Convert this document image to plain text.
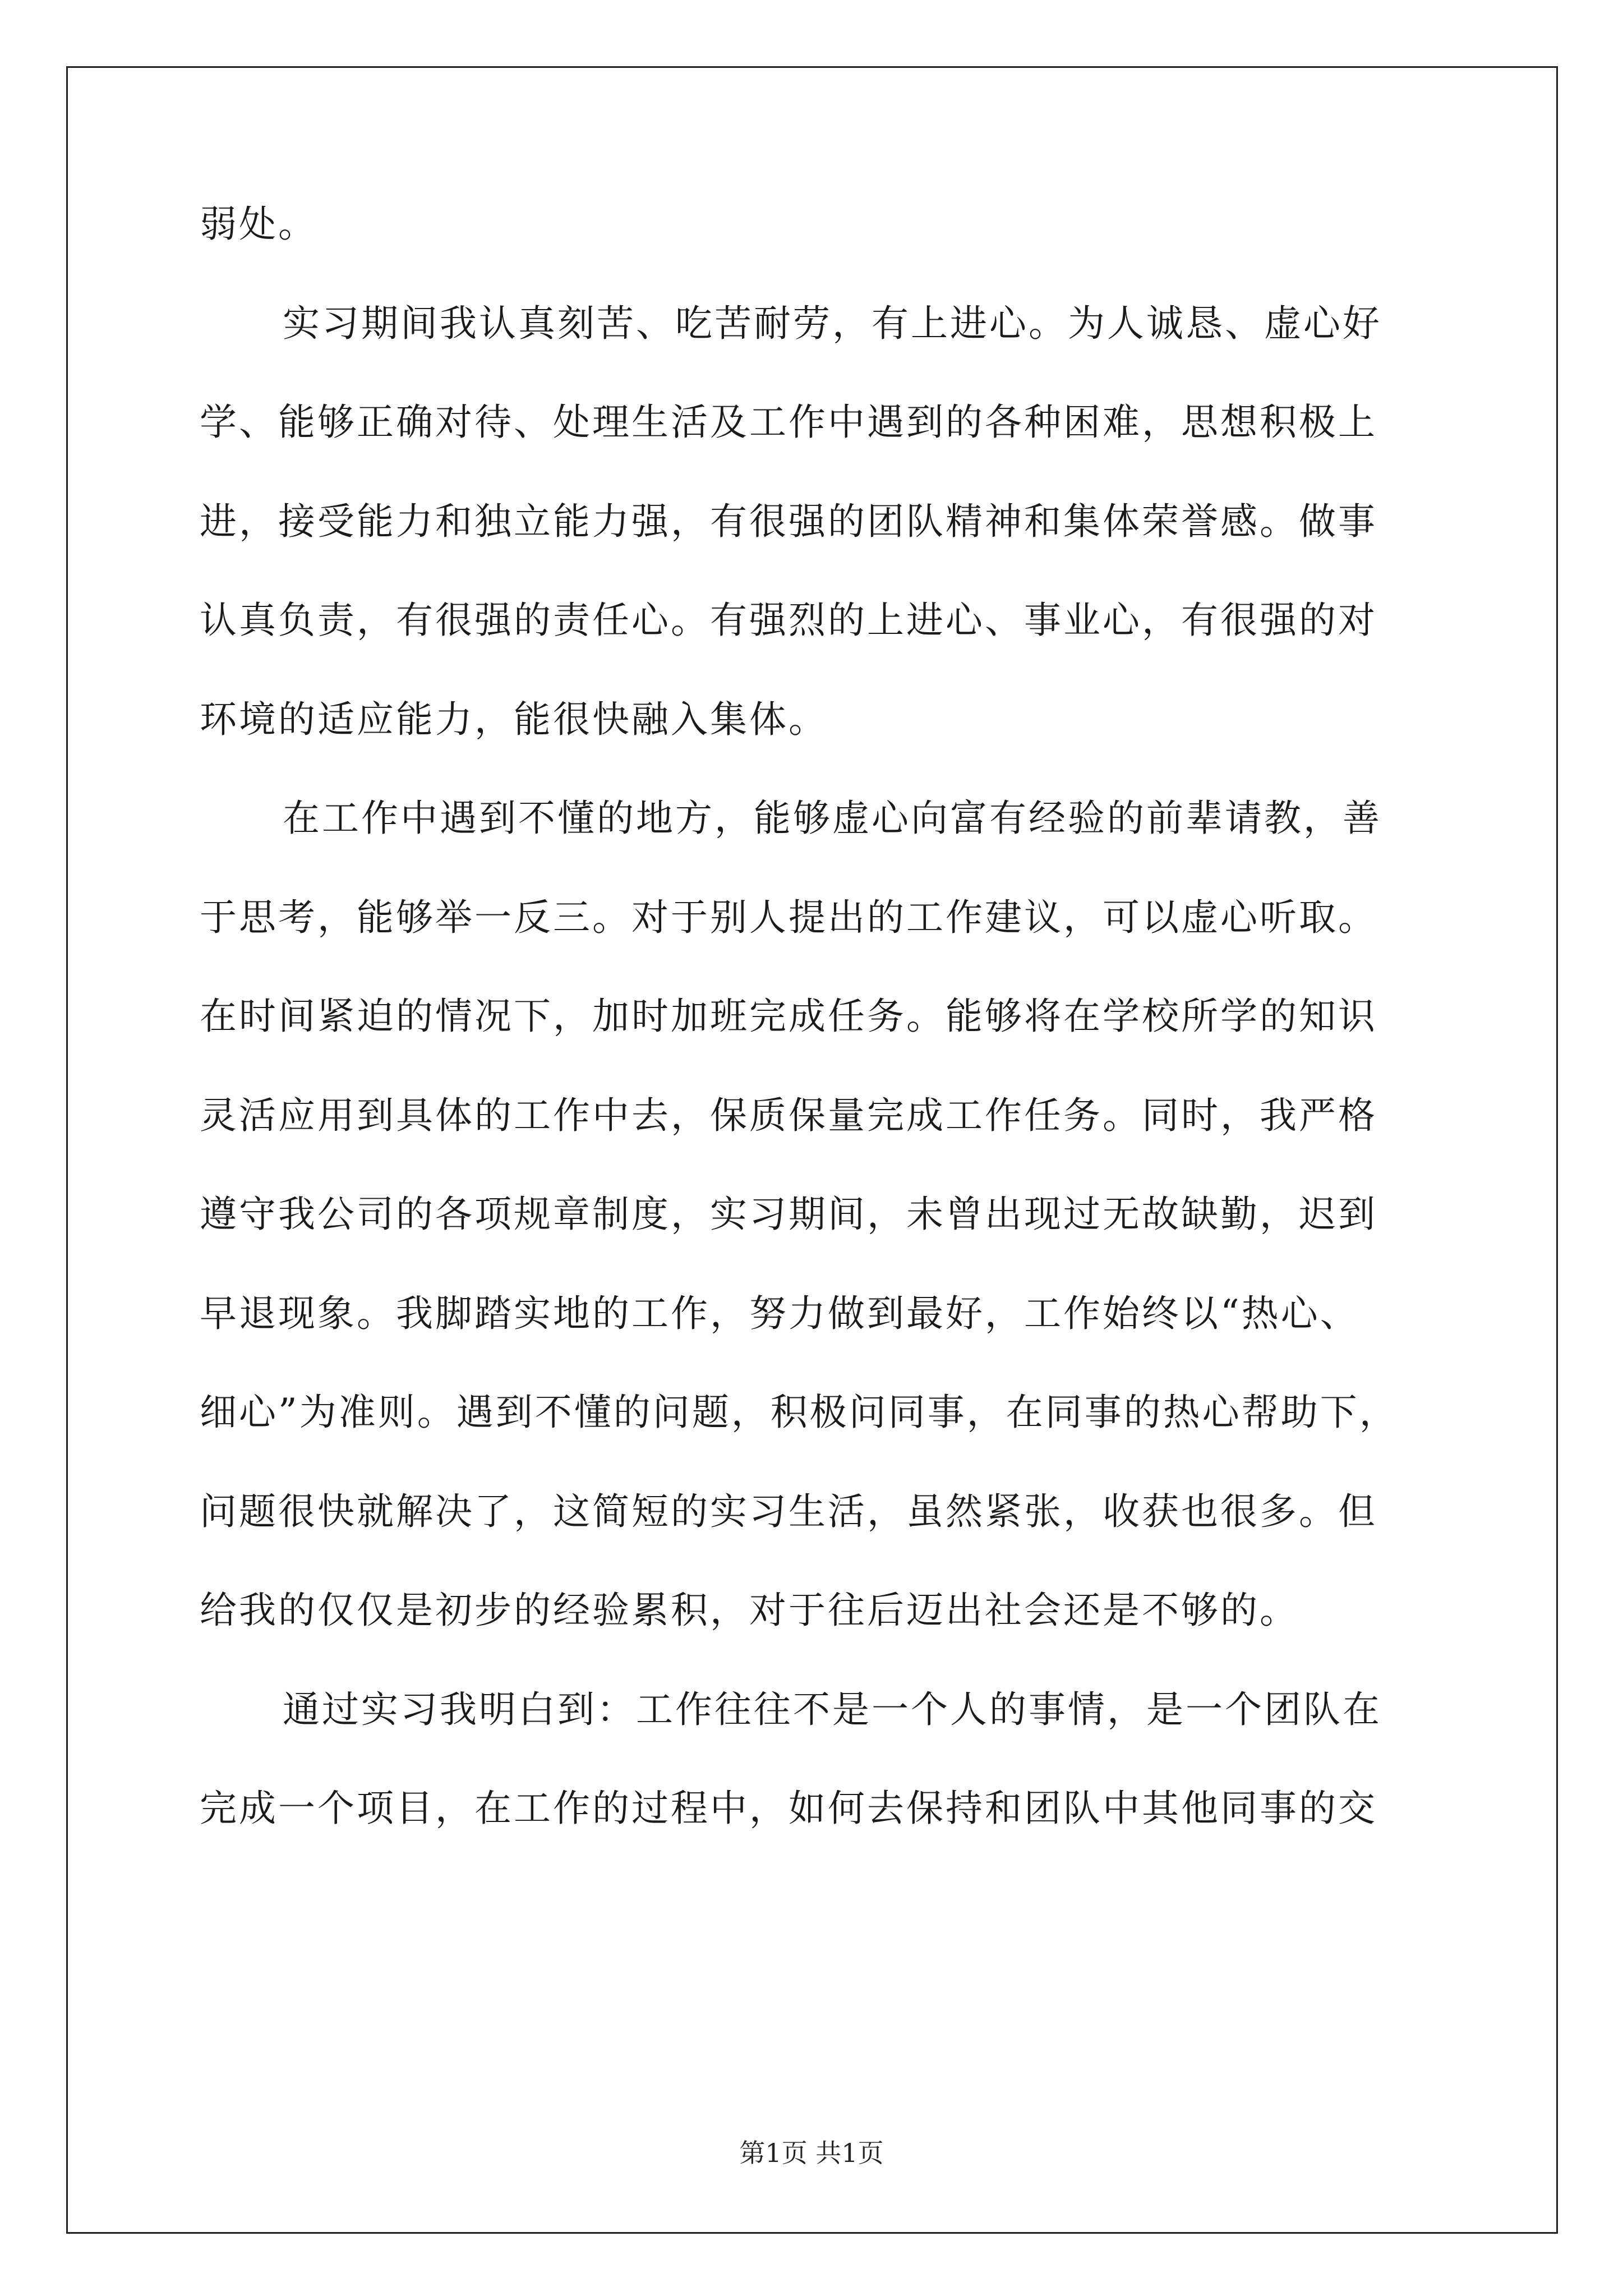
弱处。
实习期间我认真刻苦、吃苦耐劳，有上进心。为人诚恳、虚心好
学、能够正确对待、处理生活及工作中遇到的各种困难，思想积极上
进，接受能力和独立能力强，有很强的团队精神和集体荣誉感。做事
认真负责，有很强的责任心。有强烈的上进心、事业心，有很强的对
环境的适应能力，能很快融入集体。
在工作中遇到不懂的地方，能够虚心向富有经验的前辈请教，善
于思考，能够举一反三。对于别人提出的工作建议，可以虚心听取。
在时间紧迫的情况下，加时加班完成任务。能够将在学校所学的知识
灵活应用到具体的工作中去，保质保量完成工作任务。同时，我严格
遵守我公司的各项规章制度，实习期间，未曾出现过无故缺勤，迟到
早退现象。我脚踏实地的工作，努力做到最好，工作始终以“热心、
细心”为准则。遇到不懂的问题，积极问同事，在同事的热心帮助下，
问题很快就解决了，这简短的实习生活，虽然紧张，收获也很多。但
给我的仅仅是初步的经验累积，对于往后迈出社会还是不够的。
通过实习我明白到：工作往往不是一个人的事情，是一个团队在
完成一个项目，在工作的过程中，如何去保持和团队中其他同事的交
第1页 共1页
